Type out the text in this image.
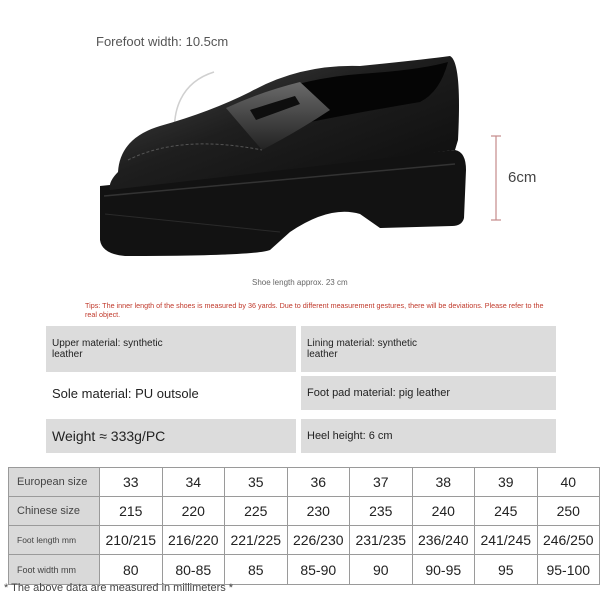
Forefoot width: 10.5cm
6cm
Shoe length approx. 23 cm
Tips: The inner length of the shoes is measured by 36 yards. Due to different measurement gestures, there will be deviations. Please refer to the real object.
Upper material: synthetic leather
Lining material: synthetic leather
Sole material: PU outsole	Foot pad material: pig leather
Weight ≈ 333g/PC	Heel height: 6 cm
European size	33	34	35	36	37	38	39	40
Chinese size	215	220	225	230	235	240	245	250
Foot length mm	210/215	216/220	221/225	226/230	231/235	236/240	241/245	246/250
Foot width mm	80	80-85	85	85-90	90	90-95	95	95-100
* The above data are measured in millimeters *
